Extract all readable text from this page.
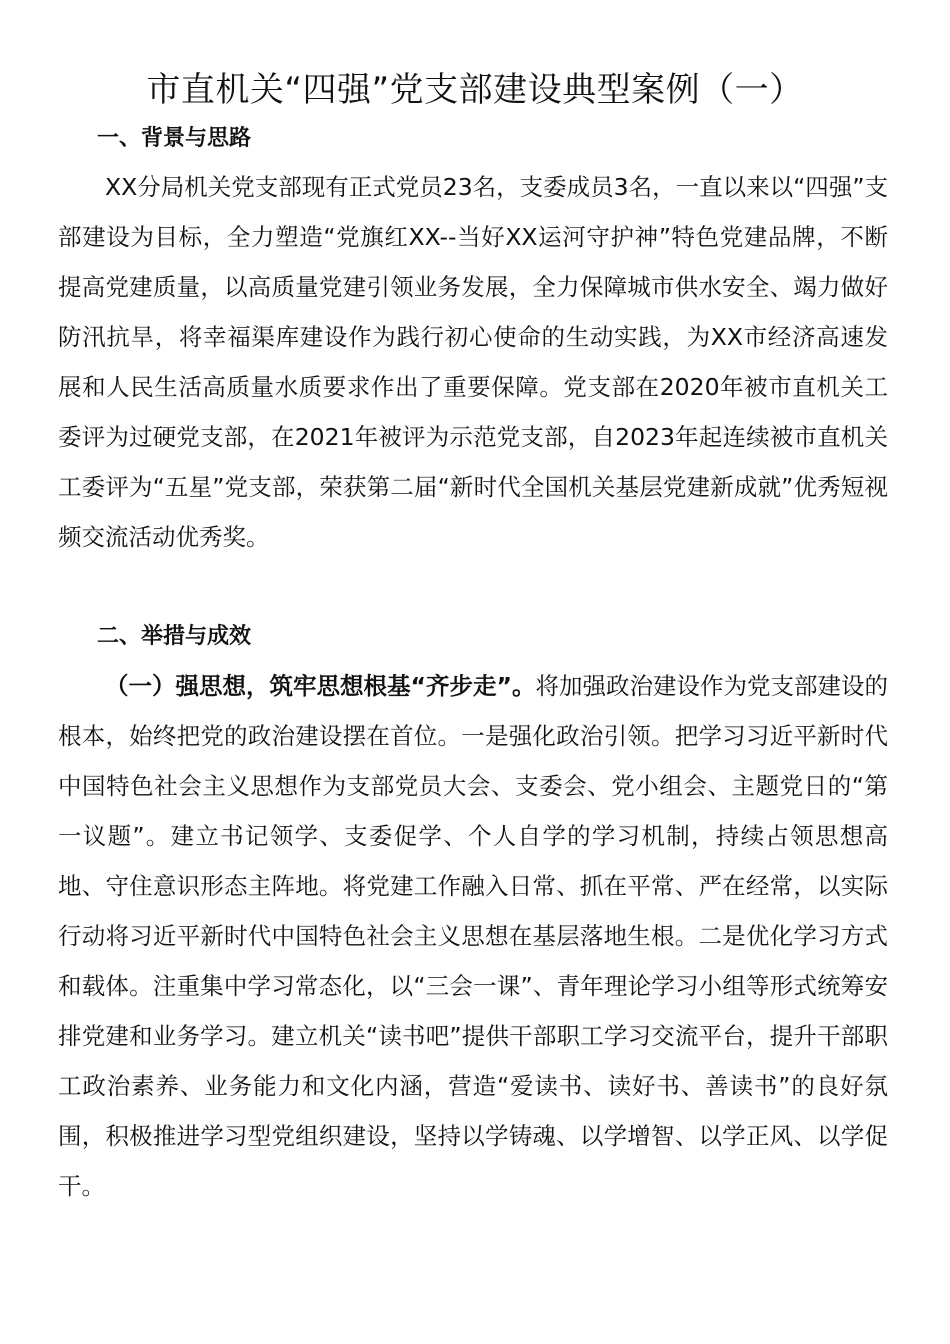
市直机关“四强”党支部建设典型案例（一）
一、背景与思路

XX分局机关党支部现有正式党员23名，支委成员3名，一直以来以“四强”支部建设为目标，全力塑造“党旗红XX--当好XX运河守护神”特色党建品牌，不断提高党建质量，以高质量党建引领业务发展，全力保障城市供水安全、竭力做好防汛抗旱，将幸福渠库建设作为践行初心使命的生动实践，为XX市经济高速发展和人民生活高质量水质要求作出了重要保障。党支部在2020年被市直机关工委评为过硬党支部，在2021年被评为示范党支部，自2023年起连续被市直机关工委评为“五星”党支部，荣获第二届“新时代全国机关基层党建新成就”优秀短视频交流活动优秀奖。

二、举措与成效

（一）强思想，筑牢思想根基“齐步走”。将加强政治建设作为党支部建设的根本，始终把党的政治建设摆在首位。一是强化政治引领。把学习习近平新时代中国特色社会主义思想作为支部党员大会、支委会、党小组会、主题党日的“第一议题”。建立书记领学、支委促学、个人自学的学习机制，持续占领思想高地、守住意识形态主阵地。将党建工作融入日常、抓在平常、严在经常，以实际行动将习近平新时代中国特色社会主义思想在基层落地生根。二是优化学习方式和载体。注重集中学习常态化，以“三会一课”、青年理论学习小组等形式统筹安排党建和业务学习。建立机关“读书吧”提供干部职工学习交流平台，提升干部职工政治素养、业务能力和文化内涵，营造“爱读书、读好书、善读书”的良好氛围，积极推进学习型党组织建设，坚持以学铸魂、以学增智、以学正风、以学促干。
